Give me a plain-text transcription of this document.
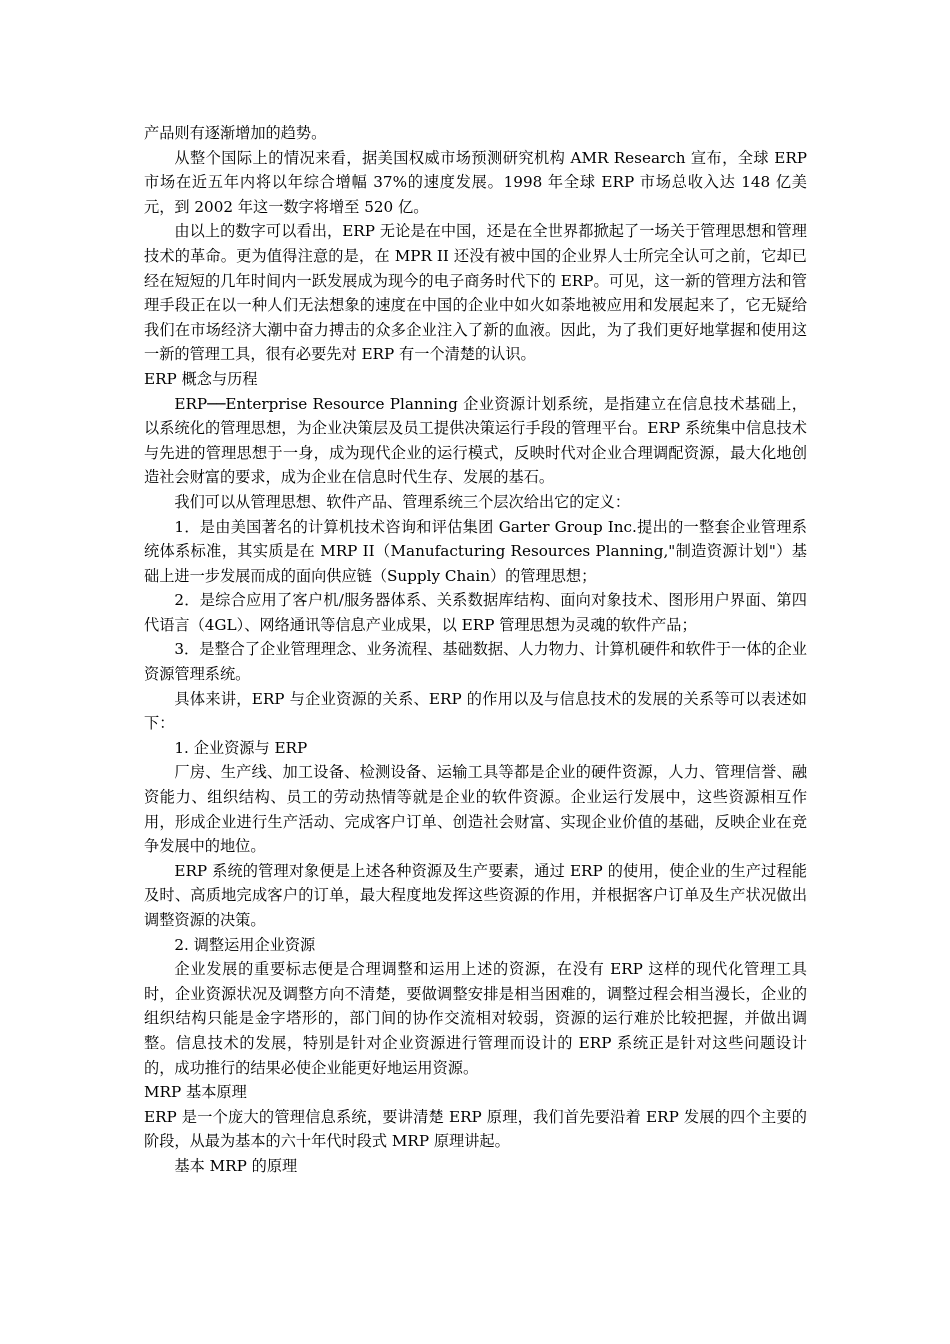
产品则有逐渐增加的趋势。

从整个国际上的情况来看，据美国权威市场预测研究机构 AMR Research 宣布，全球 ERP 市场在近五年内将以年综合增幅 37%的速度发展。1998 年全球 ERP 市场总收入达 148 亿美元，到 2002 年这一数字将增至 520 亿。

由以上的数字可以看出，ERP 无论是在中国，还是在全世界都掀起了一场关于管理思想和管理技术的革命。更为值得注意的是，在 MPR II 还没有被中国的企业界人士所完全认可之前，它却已经在短短的几年时间内一跃发展成为现今的电子商务时代下的 ERP。可见，这一新的管理方法和管理手段正在以一种人们无法想象的速度在中国的企业中如火如荼地被应用和发展起来了，它无疑给我们在市场经济大潮中奋力搏击的众多企业注入了新的血液。因此，为了我们更好地掌握和使用这一新的管理工具，很有必要先对 ERP 有一个清楚的认识。

ERP 概念与历程

ERP──Enterprise Resource Planning 企业资源计划系统，是指建立在信息技术基础上，以系统化的管理思想，为企业决策层及员工提供决策运行手段的管理平台。ERP 系统集中信息技术与先进的管理思想于一身，成为现代企业的运行模式，反映时代对企业合理调配资源，最大化地创造社会财富的要求，成为企业在信息时代生存、发展的基石。

我们可以从管理思想、软件产品、管理系统三个层次给出它的定义：

1．是由美国著名的计算机技术咨询和评估集团 Garter Group Inc.提出的一整套企业管理系统体系标准，其实质是在 MRP II（Manufacturing Resources Planning,"制造资源计划"）基础上进一步发展而成的面向供应链（Supply Chain）的管理思想；

2．是综合应用了客户机/服务器体系、关系数据库结构、面向对象技术、图形用户界面、第四代语言（4GL）、网络通讯等信息产业成果，以 ERP 管理思想为灵魂的软件产品；

3．是整合了企业管理理念、业务流程、基础数据、人力物力、计算机硬件和软件于一体的企业资源管理系统。

具体来讲，ERP 与企业资源的关系、ERP 的作用以及与信息技术的发展的关系等可以表述如下：

1. 企业资源与 ERP

厂房、生产线、加工设备、检测设备、运输工具等都是企业的硬件资源，人力、管理信誉、融资能力、组织结构、员工的劳动热情等就是企业的软件资源。企业运行发展中，这些资源相互作用，形成企业进行生产活动、完成客户订单、创造社会财富、实现企业价值的基础，反映企业在竞争发展中的地位。

ERP 系统的管理对象便是上述各种资源及生产要素，通过 ERP 的使用，使企业的生产过程能及时、高质地完成客户的订单，最大程度地发挥这些资源的作用，并根据客户订单及生产状况做出调整资源的决策。

2. 调整运用企业资源

企业发展的重要标志便是合理调整和运用上述的资源，在没有 ERP 这样的现代化管理工具时，企业资源状况及调整方向不清楚，要做调整安排是相当困难的，调整过程会相当漫长，企业的组织结构只能是金字塔形的，部门间的协作交流相对较弱，资源的运行难於比较把握，并做出调整。信息技术的发展，特别是针对企业资源进行管理而设计的 ERP 系统正是针对这些问题设计的，成功推行的结果必使企业能更好地运用资源。

MRP 基本原理

ERP 是一个庞大的管理信息系统，要讲清楚 ERP 原理，我们首先要沿着 ERP 发展的四个主要的阶段，从最为基本的六十年代时段式 MRP 原理讲起。

基本 MRP 的原理
